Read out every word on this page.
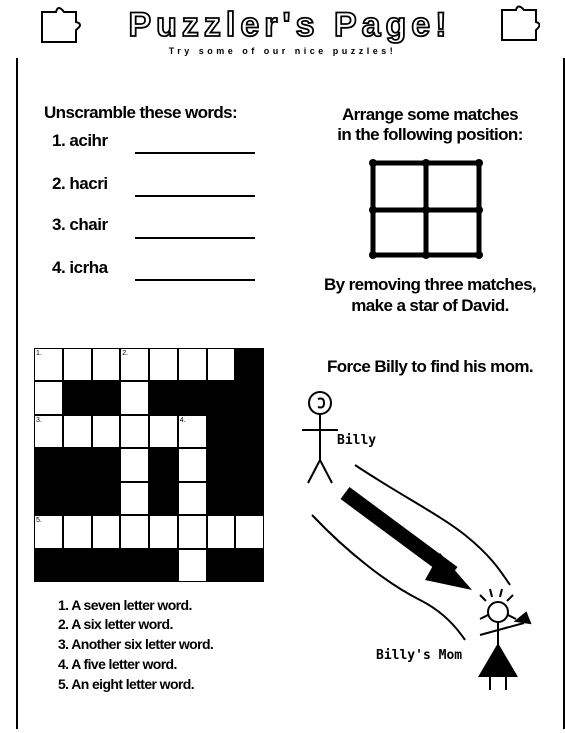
Puzzler's Page!
Try some of our nice puzzles!
Unscramble these words:
1. acihr
2. hacri
3. chair
4. icrha
Arrange some matches
in the following position:
By removing three matches,
make a star of David.
1.	2.
3.	4.
5.
1. A seven letter word.
2. A six letter word.
3. Another six letter word.
4. A five letter word.
5. An eight letter word.
Force Billy to find his mom.
Billy
Billy's Mom
